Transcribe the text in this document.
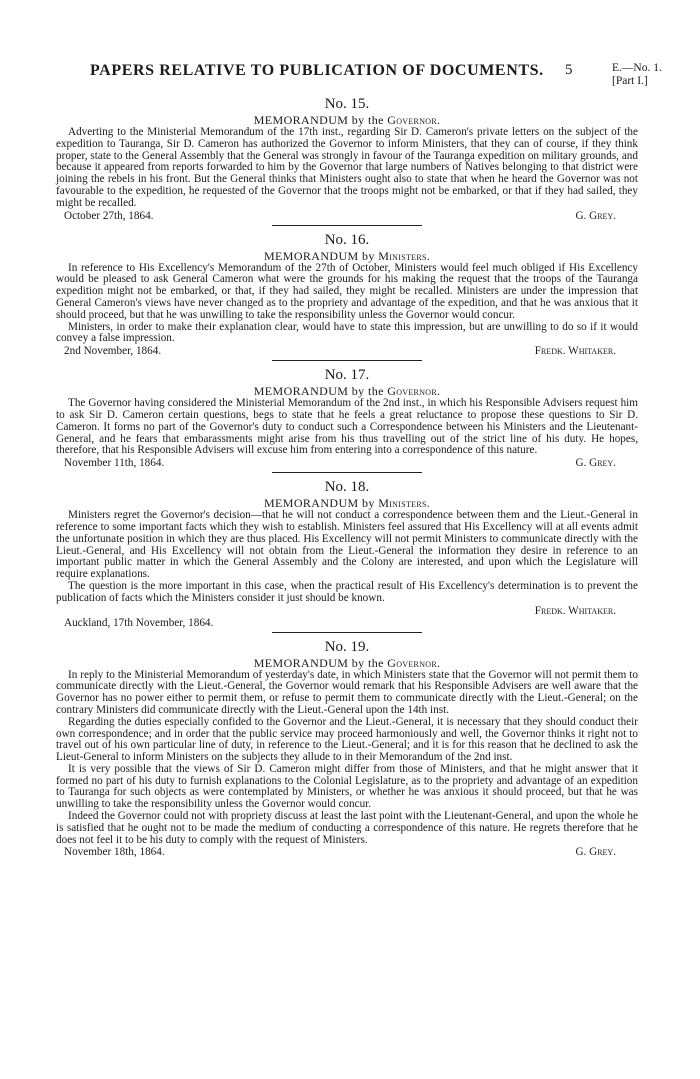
PAPERS RELATIVE TO PUBLICATION OF DOCUMENTS. 5	E.—No. 1.
[Part I.]
No. 15.
MEMORANDUM by the Governor.

Adverting to the Ministerial Memorandum of the 17th inst., regarding Sir D. Cameron's private letters on the subject of the expedition to Tauranga, Sir D. Cameron has authorized the Governor to inform Ministers, that they can of course, if they think proper, state to the General Assembly that the General was strongly in favour of the Tauranga expedition on military grounds, and because it appeared from reports forwarded to him by the Governor that large numbers of Natives belonging to that district were joining the rebels in his front. But the General thinks that Ministers ought also to state that when he heard the Governor was not favourable to the expedition, he requested of the Governor that the troops might not be embarked, or that if they had sailed, they might be recalled.

October 27th, 1864.	G. Grey.
No. 16.
MEMORANDUM by Ministers.

In reference to His Excellency's Memorandum of the 27th of October, Ministers would feel much obliged if His Excellency would be pleased to ask General Cameron what were the grounds for his making the request that the troops of the Tauranga expedition might not be embarked, or that, if they had sailed, they might be recalled. Ministers are under the impression that General Cameron's views have never changed as to the propriety and advantage of the expedition, and that he was anxious that it should proceed, but that he was unwilling to take the responsibility unless the Governor would concur.

Ministers, in order to make their explanation clear, would have to state this impression, but are unwilling to do so if it would convey a false impression.

2nd November, 1864.	Fredk. Whitaker.
No. 17.
MEMORANDUM by the Governor.

The Governor having considered the Ministerial Memorandum of the 2nd inst., in which his Responsible Advisers request him to ask Sir D. Cameron certain questions, begs to state that he feels a great reluctance to propose these questions to Sir D. Cameron. It forms no part of the Governor's duty to conduct such a Correspondence between his Ministers and the Lieutenant-General, and he fears that embarassments might arise from his thus travelling out of the strict line of his duty. He hopes, therefore, that his Responsible Advisers will excuse him from entering into a correspondence of this nature.

November 11th, 1864.	G. Grey.
No. 18.
MEMORANDUM by Ministers.

Ministers regret the Governor's decision—that he will not conduct a correspondence between them and the Lieut.-General in reference to some important facts which they wish to establish. Ministers feel assured that His Excellency will at all events admit the unfortunate position in which they are thus placed. His Excellency will not permit Ministers to communicate directly with the Lieut.-General, and His Excellency will not obtain from the Lieut.-General the information they desire in reference to an important public matter in which the General Assembly and the Colony are interested, and upon which the Legislature will require explanations.

The question is the more important in this case, when the practical result of His Excellency's determination is to prevent the publication of facts which the Ministers consider it just should be known.

Fredk. Whitaker.
Auckland, 17th November, 1864.
No. 19.
MEMORANDUM by the Governor.

In reply to the Ministerial Memorandum of yesterday's date, in which Ministers state that the Governor will not permit them to communicate directly with the Lieut.-General, the Governor would remark that his Responsible Advisers are well aware that the Governor has no power either to permit them, or refuse to permit them to communicate directly with the Lieut.-General; on the contrary Ministers did communicate directly with the Lieut.-General upon the 14th inst.

Regarding the duties especially confided to the Governor and the Lieut.-General, it is necessary that they should conduct their own correspondence; and in order that the public service may proceed harmoniously and well, the Governor thinks it right not to travel out of his own particular line of duty, in reference to the Lieut.-General; and it is for this reason that he declined to ask the Lieut-General to inform Ministers on the subjects they allude to in their Memorandum of the 2nd inst.

It is very possible that the views of Sir D. Cameron might differ from those of Ministers, and that he might answer that it formed no part of his duty to furnish explanations to the Colonial Legislature, as to the propriety and advantage of an expedition to Tauranga for such objects as were contemplated by Ministers, or whether he was anxious it should proceed, but that he was unwilling to take the responsibility unless the Governor would concur.

Indeed the Governor could not with propriety discuss at least the last point with the Lieutenant-General, and upon the whole he is satisfied that he ought not to be made the medium of conducting a correspondence of this nature. He regrets therefore that he does not feel it to be his duty to comply with the request of Ministers.

November 18th, 1864.	G. Grey.
